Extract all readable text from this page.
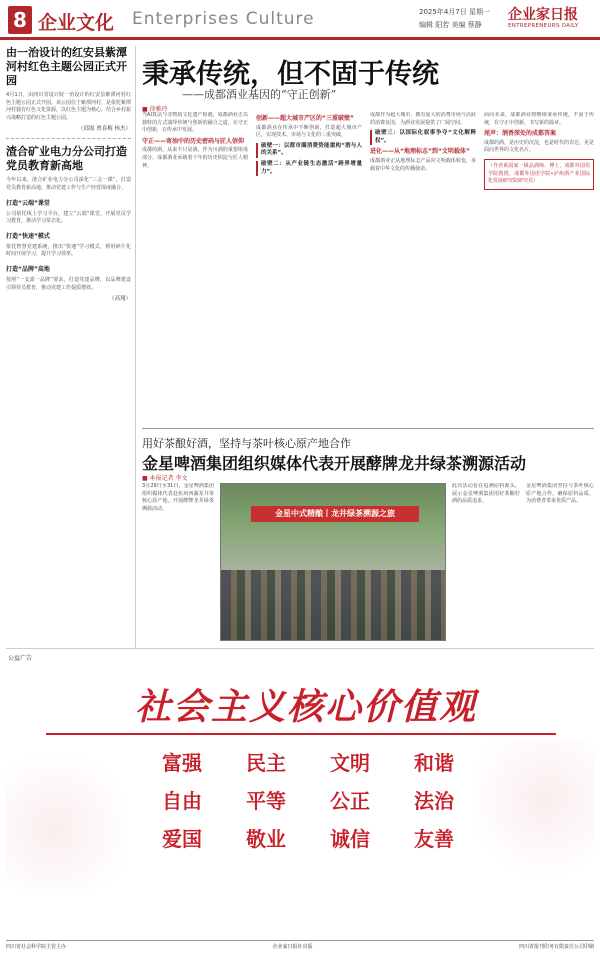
8 企业文化 Enterprises Culture	2025年4月7日 星期一
编辑 阳若 美编 蔡静
企业家日报
ENTREPRENEURS DAILY
由一治设计的红安县紫潭河村红色主题公园正式开园
4月1日，由四川省设计院一治设计的红安县紫潭河村红色主题公园正式开园。该公园位于紫潭河村，是依托紫潭河村独有红色文化资源，以红色主题为核心，结合乡村振兴战略打造的红色主题公园。
（邱霞 贾春梅 杨杰）
渣合矿业电力分公司打造党员教育新高地
今年以来，渣合矿业电力分公司深化“三会一课”，打造党员教育新高地，推动党建工作与生产经营深度融合。
打造“云端”课堂
公司依托线上学习平台，建立“云端”课堂，开展党员学习教育，推动学习常态化。
打造“快速”模式
依托智慧党建系统，推出“快速”学习模式，利用碎片化时间开展学习，提升学习效率。
打造“品牌”高地
按照“一支部一品牌”要求，打造党建品牌，以品牌建设引领党员教育，推动党建工作提质增效。
（高翔）
秉承传统，但不固于传统
——成都酒业基因的“守正创新”
■ 徐雅玲
当AI算法与非物质文化遗产相遇，成都酒业正以独特的方式演绎传统与创新的融合之道，在守正中创新，在传承中发展。
守正——寄浊中的历史密码与匠人信仰
成都的酒，从来不只是酒。作为川酒的重要组成部分，成都酒业承载着千年的历史积淀与匠人精神。
创新——超大城市产区的“三重破壁”
成都酒业在传承中不断创新，打造超大城市产区，实现技术、市场与文化的三重突破。
破壁一：以都市圈消费势能重构“酒与人的关系”。
破壁二：从产业链生态激活“跨界增量力”。
成都作为超大城市，拥有庞大的消费市场与活跃的消费氛围，为酒业发展提供了广阔空间。
破壁三：以国际化叙事争夺“文化解释权”。
进化——从“地理标志”到“文明载体”
成都酒业正从地理标志产品向文明载体转变，承载着中华文化的传播使命。
面向未来，成都酒业将继续秉承传统，不固于传统，在守正中创新，书写新的篇章。
尾声：酒香深处的成都答案
成都的酒，是历史的沉淀，也是时代的表达，更是面向世界的文化名片。
（作者系国家一级品酒师、博士，成都外国语学院教授，成都外国语学院•泸州酒产业国际化发展研究院研究员）
用好茶酿好酒，坚持与茶叶核心原产地合作
金星啤酒集团组织媒体代表开展酵牌龙井绿茶溯源活动
■ 本报记者 李文
3月29日至31日，金星啤酒集团组织媒体代表赴杭州西湖龙井茶核心原产地，开展酵牌龙井绿茶溯源活动。
金星中式精酿丨龙井绿茶溯源之旅
此次活动旨在追溯原料源头，展示金星啤酒集团用好茶酿好酒的品质追求。
金星啤酒集团坚持与茶叶核心原产地合作，确保原料品质，为消费者带来优质产品。
公益广告
社会主义核心价值观
富强	民主	文明	和谐
自由	平等	公正	法治
爱国	敬业	诚信	友善
四川省社会科学院主管主办	企业家日报社出版	四川省报刊印务有限责任公司印刷
